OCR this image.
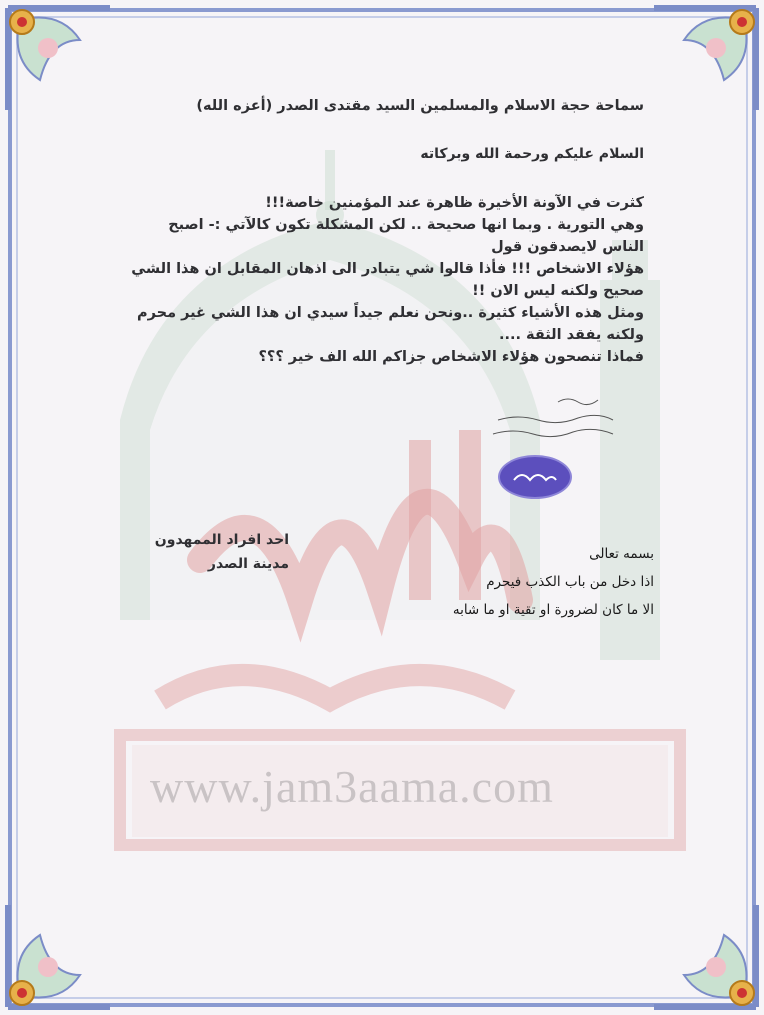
www.jam3aama.com
سماحة حجة الاسلام والمسلمين السيد مقتدى الصدر (أعزه الله)
السلام عليكم ورحمة الله وبركاته

كثرت في الآونة الأخيرة ظاهرة عند المؤمنين خاصة!!!

وهي التورية . وبما انها صحيحة .. لكن المشكلة تكون كالآتي :- اصبح

الناس لايصدقون قول

هؤلاء الاشخاص !!! فأذا قالوا شي يتبادر الى اذهان المقابل ان هذا الشي

صحيح ولكنه ليس الان !!

ومثل هذه الأشياء كثيرة ..ونحن نعلم جيداً سيدي ان هذا الشي غير محرم

ولكنه يفقد الثقة ....

فماذا تنصحون هؤلاء الاشخاص جزاكم الله الف خير ؟؟؟

احد افراد الممهدون
مدينة الصدر
بسمه تعالى
اذا دخل من باب الكذب فيحرم
الا ما كان لضرورة او تقية او ما شابه
